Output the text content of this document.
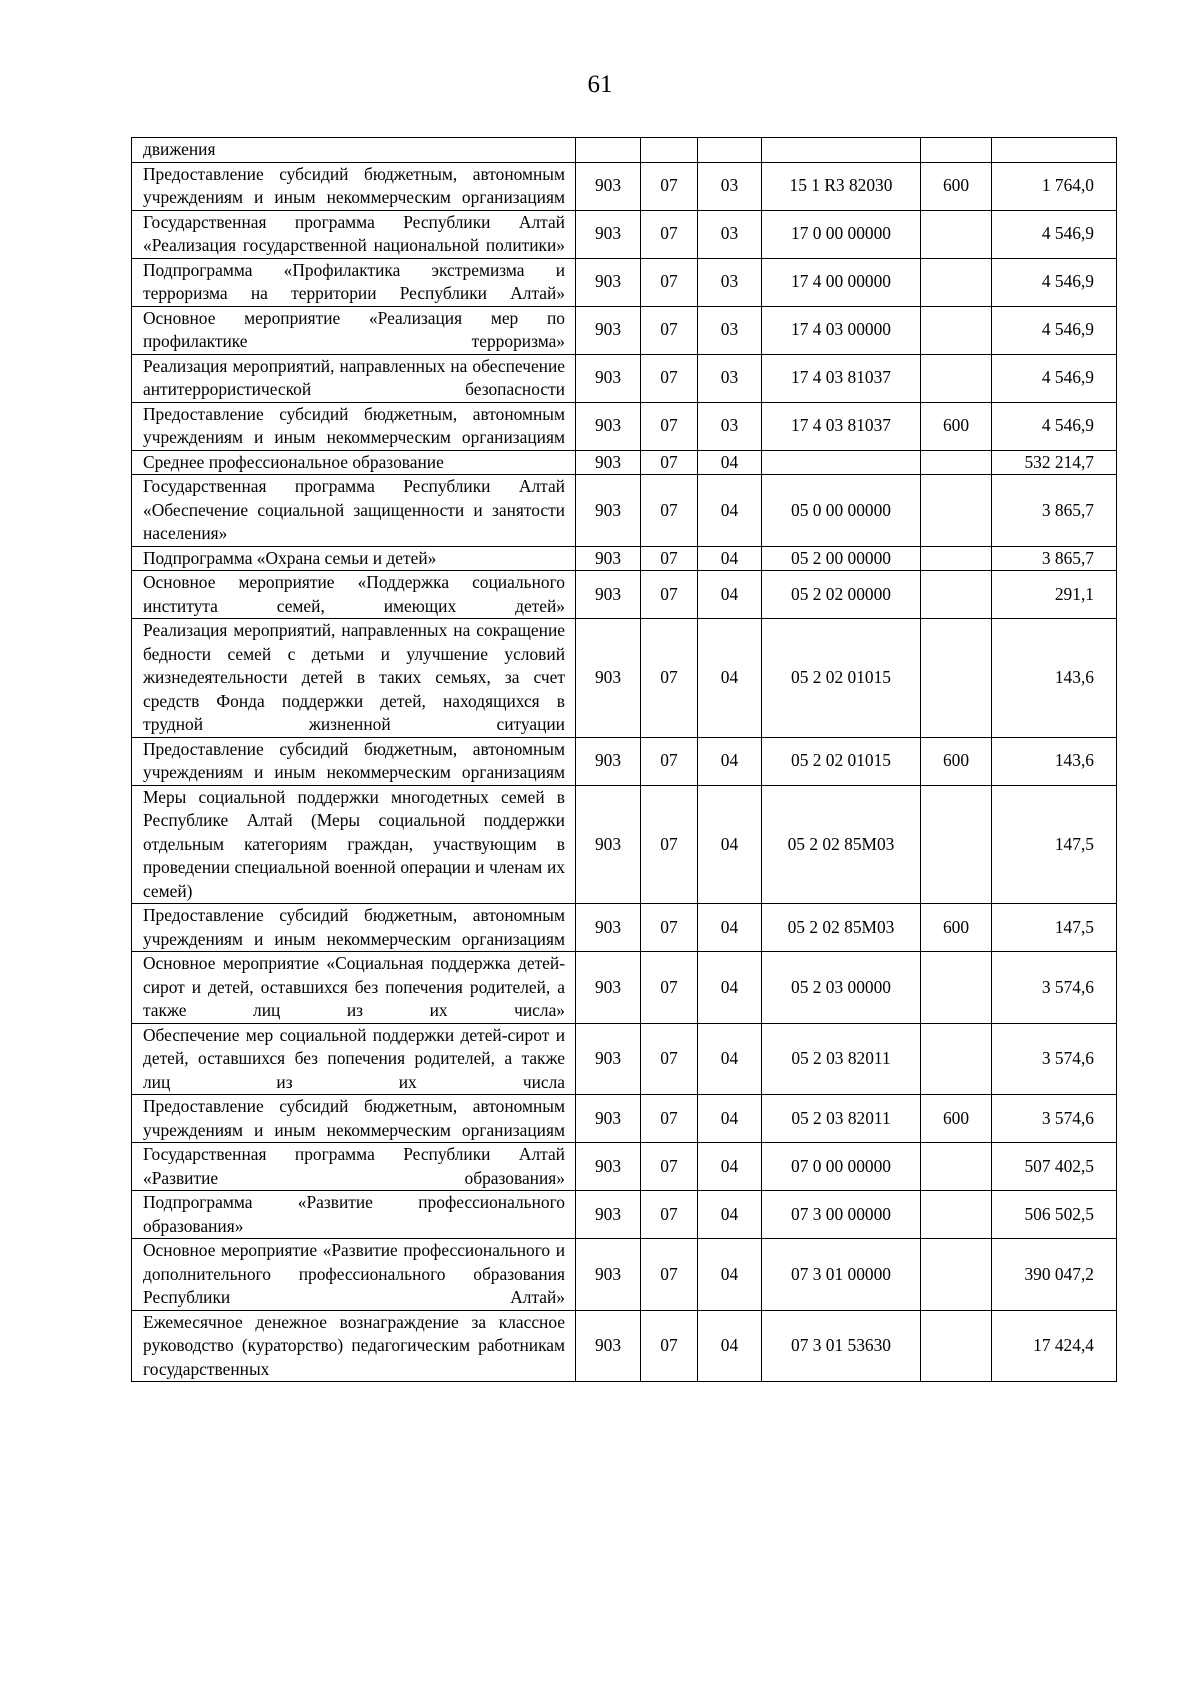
61
движения						
Предоставление субсидий бюджетным, автономным учреждениям и иным некоммерческим организациям	903	07	03	15 1 R3 82030	600	1 764,0
Государственная программа Республики Алтай «Реализация государственной национальной политики»	903	07	03	17 0 00 00000		4 546,9
Подпрограмма «Профилактика экстремизма и терроризма на территории Республики Алтай»	903	07	03	17 4 00 00000		4 546,9
Основное мероприятие «Реализация мер по профилактике терроризма»	903	07	03	17 4 03 00000		4 546,9
Реализация мероприятий, направленных на обеспечение антитеррористической безопасности	903	07	03	17 4 03 81037		4 546,9
Предоставление субсидий бюджетным, автономным учреждениям и иным некоммерческим организациям	903	07	03	17 4 03 81037	600	4 546,9
Среднее профессиональное образование	903	07	04			532 214,7
Государственная программа Республики Алтай «Обеспечение социальной защищенности и занятости населения»	903	07	04	05 0 00 00000		3 865,7
Подпрограмма «Охрана семьи и детей»	903	07	04	05 2 00 00000		3 865,7
Основное мероприятие «Поддержка социального института семей, имеющих детей»	903	07	04	05 2 02 00000		291,1
Реализация мероприятий, направленных на сокращение бедности семей с детьми и улучшение условий жизнедеятельности детей в таких семьях, за счет средств Фонда поддержки детей, находящихся в трудной жизненной ситуации	903	07	04	05 2 02 01015		143,6
Предоставление субсидий бюджетным, автономным учреждениям и иным некоммерческим организациям	903	07	04	05 2 02 01015	600	143,6
Меры социальной поддержки многодетных семей в Республике Алтай (Меры социальной поддержки отдельным категориям граждан, участвующим в проведении специальной военной операции и членам их семей)	903	07	04	05 2 02 85М03		147,5
Предоставление субсидий бюджетным, автономным учреждениям и иным некоммерческим организациям	903	07	04	05 2 02 85М03	600	147,5
Основное мероприятие «Социальная поддержка детей-сирот и детей, оставшихся без попечения родителей, а также лиц из их числа»	903	07	04	05 2 03 00000		3 574,6
Обеспечение мер социальной поддержки детей-сирот и детей, оставшихся без попечения родителей, а также лиц из их числа	903	07	04	05 2 03 82011		3 574,6
Предоставление субсидий бюджетным, автономным учреждениям и иным некоммерческим организациям	903	07	04	05 2 03 82011	600	3 574,6
Государственная программа Республики Алтай «Развитие образования»	903	07	04	07 0 00 00000		507 402,5
Подпрограмма «Развитие профессионального образования»	903	07	04	07 3 00 00000		506 502,5
Основное мероприятие «Развитие профессионального и дополнительного профессионального образования Республики Алтай»	903	07	04	07 3 01 00000		390 047,2
Ежемесячное денежное вознаграждение за классное руководство (кураторство) педагогическим работникам государственных	903	07	04	07 3 01 53630		17 424,4
